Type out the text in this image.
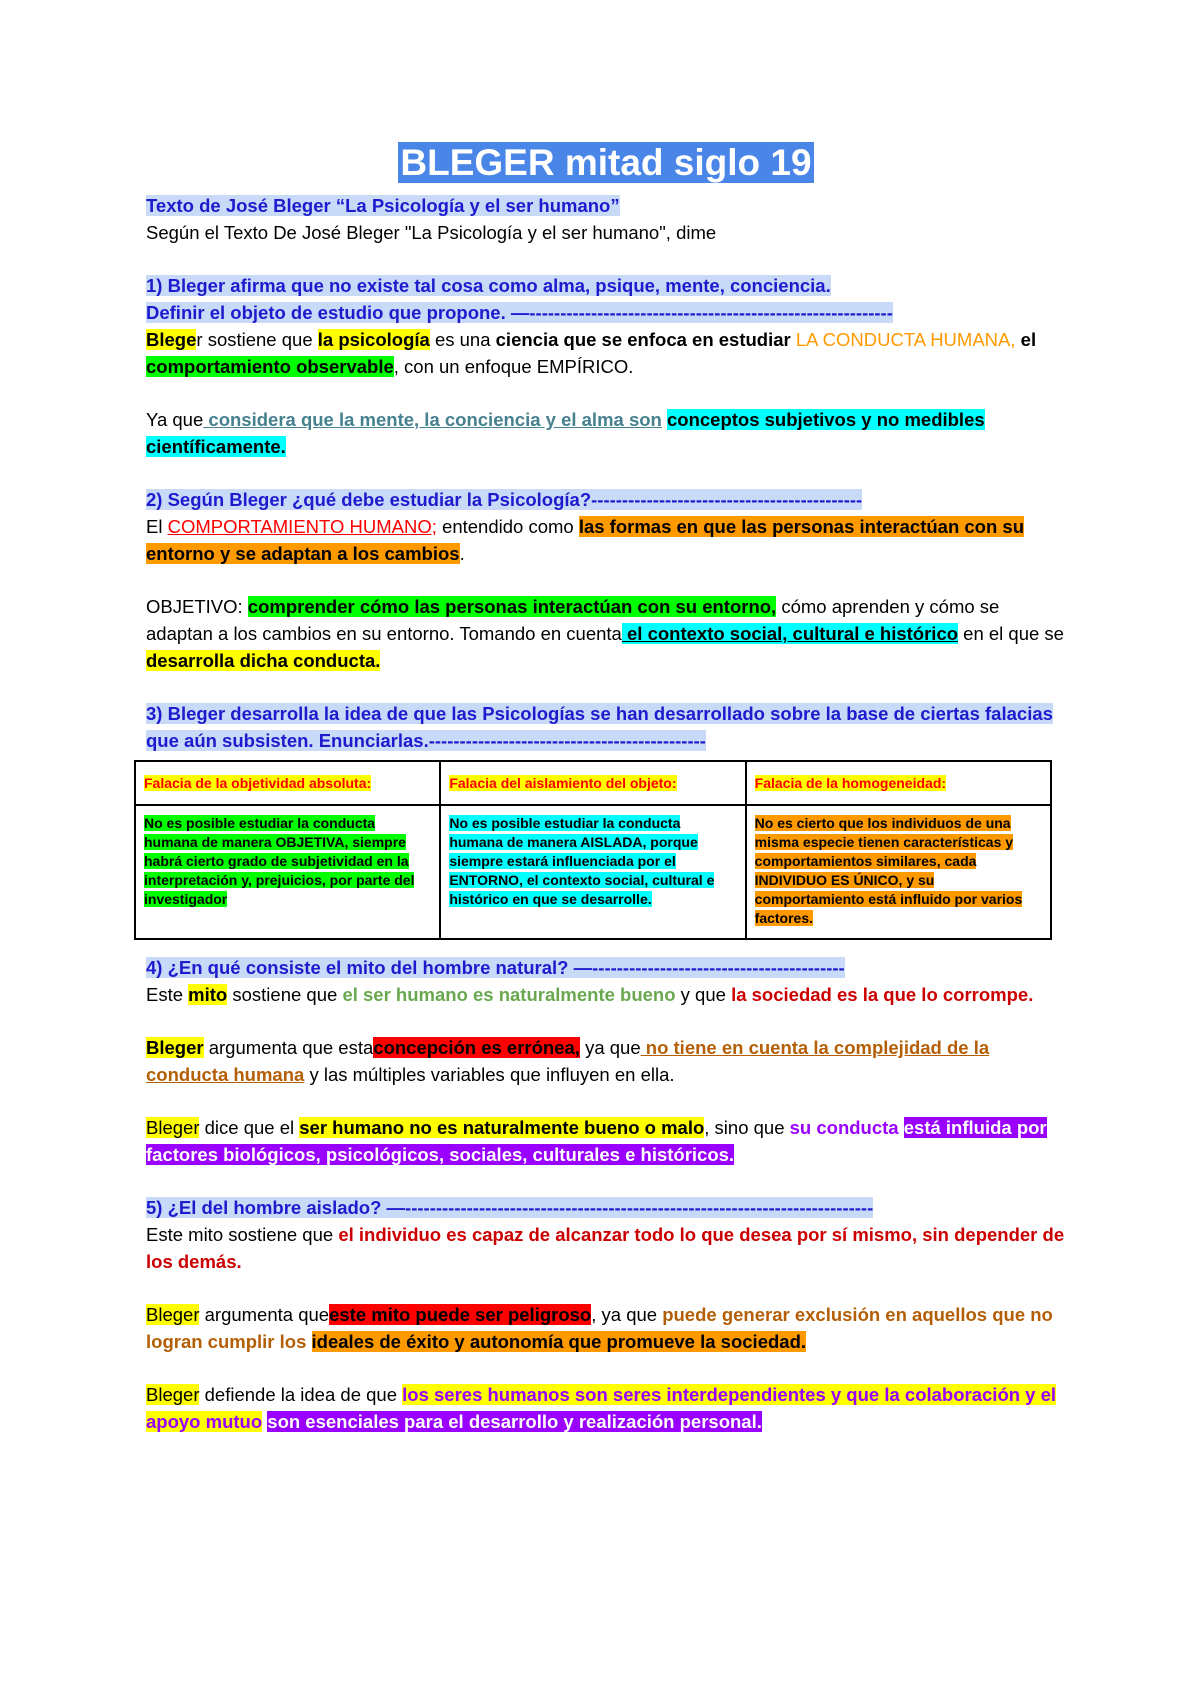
BLEGER mitad siglo 19

Texto de José Bleger “La Psicología y el ser humano”

Según el Texto De José Bleger "La Psicología y el ser humano", dime

1) Bleger afirma que no existe tal cosa como alma, psique, mente, conciencia.
Definir el objeto de estudio que propone. —-----------------------------------------------------------

Bleger sostiene que la psicología es una ciencia que se enfoca en estudiar LA CONDUCTA HUMANA, el comportamiento observable, con un enfoque EMPÍRICO.

Ya que considera que la mente, la conciencia y el alma son conceptos subjetivos y no medibles científicamente.

2) Según Bleger ¿qué debe estudiar la Psicología?--------------------------------------------

El COMPORTAMIENTO HUMANO; entendido como las formas en que las personas interactúan con su entorno y se adaptan a los cambios.

OBJETIVO: comprender cómo las personas interactúan con su entorno, cómo aprenden y cómo se adaptan a los cambios en su entorno. Tomando en cuenta el contexto social, cultural e histórico en el que se desarrolla dicha conducta.

3) Bleger desarrolla la idea de que las Psicologías se han desarrollado sobre la base de ciertas falacias que aún subsisten. Enunciarlas.---------------------------------------------

Falacia de la objetividad absoluta:	Falacia del aislamiento del objeto:	Falacia de la homogeneidad:
No es posible estudiar la conducta humana de manera OBJETIVA, siempre habrá cierto grado de subjetividad en la interpretación y, prejuicios, por parte del investigador	No es posible estudiar la conducta humana de manera AISLADA, porque siempre estará influenciada por el ENTORNO, el contexto social, cultural e histórico en que se desarrolle.	No es cierto que los individuos de una misma especie tienen características y comportamientos similares, cada INDIVIDUO ES ÚNICO, y su comportamiento está influido por varios factores.

4) ¿En qué consiste el mito del hombre natural? —-----------------------------------------

Este mito sostiene que el ser humano es naturalmente bueno y que la sociedad es la que lo corrompe.

Bleger argumenta que estaconcepción es errónea, ya que no tiene en cuenta la complejidad de la conducta humana y las múltiples variables que influyen en ella.

Bleger dice que el ser humano no es naturalmente bueno o malo, sino que su conducta está influida por factores biológicos, psicológicos, sociales, culturales e históricos.

5) ¿El del hombre aislado? —----------------------------------------------------------------------------

Este mito sostiene que el individuo es capaz de alcanzar todo lo que desea por sí mismo, sin depender de los demás.

Bleger argumenta queeste mito puede ser peligroso, ya que puede generar exclusión en aquellos que no logran cumplir los ideales de éxito y autonomía que promueve la sociedad.

Bleger defiende la idea de que los seres humanos son seres interdependientes y que la colaboración y el apoyo mutuo son esenciales para el desarrollo y realización personal.
